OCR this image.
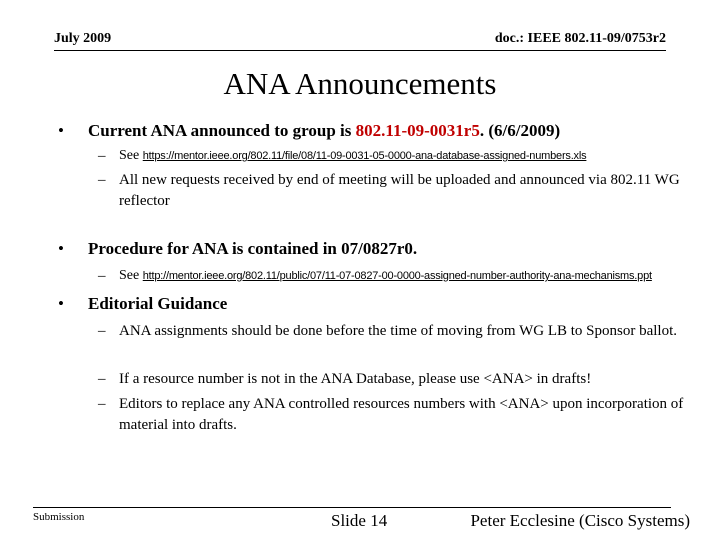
July 2009	doc.: IEEE 802.11-09/0753r2
ANA Announcements
• Current ANA announced to group is 802.11-09-0031r5. (6/6/2009)
– See https://mentor.ieee.org/802.11/file/08/11-09-0031-05-0000-ana-database-assigned-numbers.xls
– All new requests received by end of meeting will be uploaded and announced via 802.11 WG reflector
• Procedure for ANA is contained in 07/0827r0.
– See http://mentor.ieee.org/802.11/public/07/11-07-0827-00-0000-assigned-number-authority-ana-mechanisms.ppt
• Editorial Guidance
– ANA assignments should be done before the time of moving from WG LB to Sponsor ballot.
– If a resource number is not in the ANA Database, please use <ANA> in drafts!
– Editors to replace any ANA controlled resources numbers with <ANA> upon incorporation of material into drafts.
Submission	Slide 14	Peter Ecclesine (Cisco Systems)
